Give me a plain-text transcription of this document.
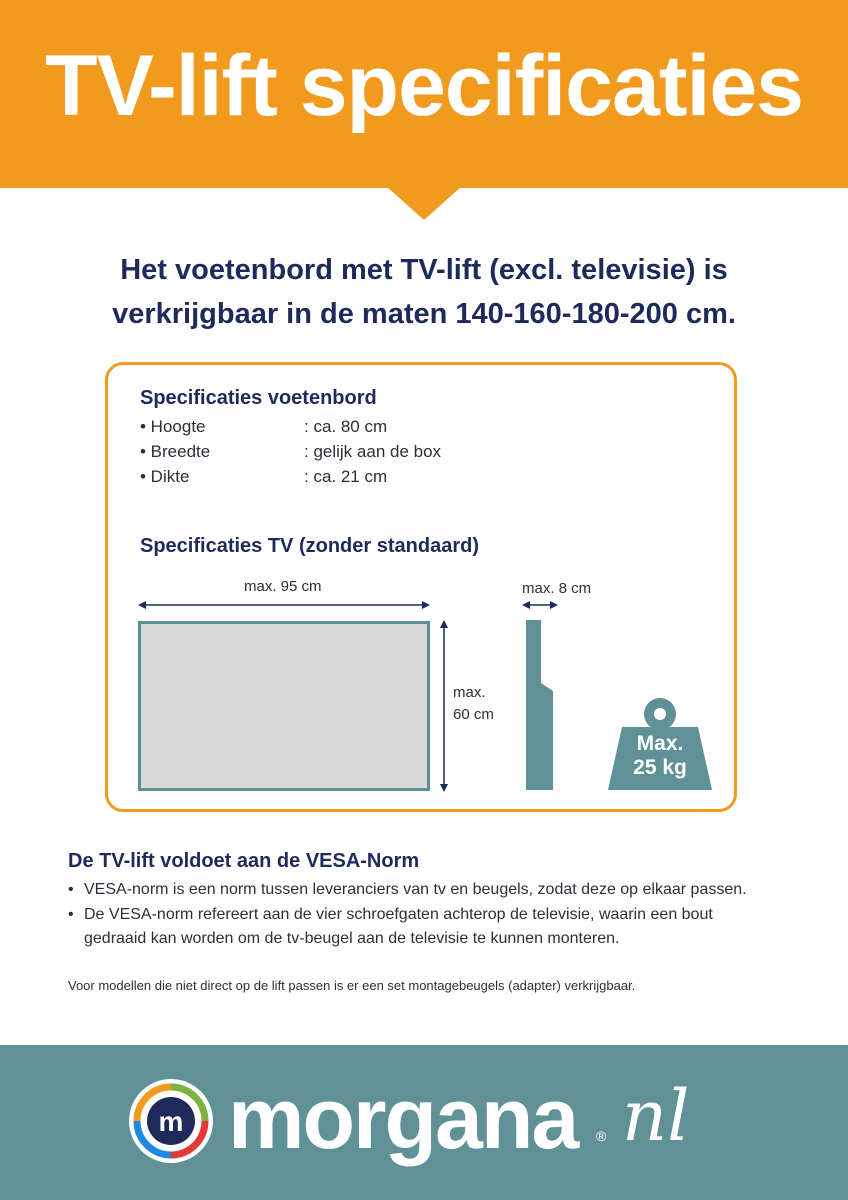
TV-lift specificaties
Het voetenbord met TV-lift (excl. televisie) is
verkrijgbaar in de maten 140-160-180-200 cm.
Specificaties voetenbord
• Hoogte	: ca. 80 cm
• Breedte	: gelijk aan de box
• Dikte	: ca. 21 cm
Specificaties TV (zonder standaard)
max. 95 cm
max.
60 cm
max. 8 cm
Max.
25 kg
De TV-lift voldoet aan de VESA-Norm
• VESA-norm is een norm tussen leveranciers van tv en beugels, zodat deze op elkaar passen.
• De VESA-norm refereert aan de vier schroefgaten achterop de televisie, waarin een bout gedraaid kan worden om de tv-beugel aan de televisie te kunnen monteren.
Voor modellen die niet direct op de lift passen is er een set montagebeugels (adapter) verkrijgbaar.
m morgana ® nl
